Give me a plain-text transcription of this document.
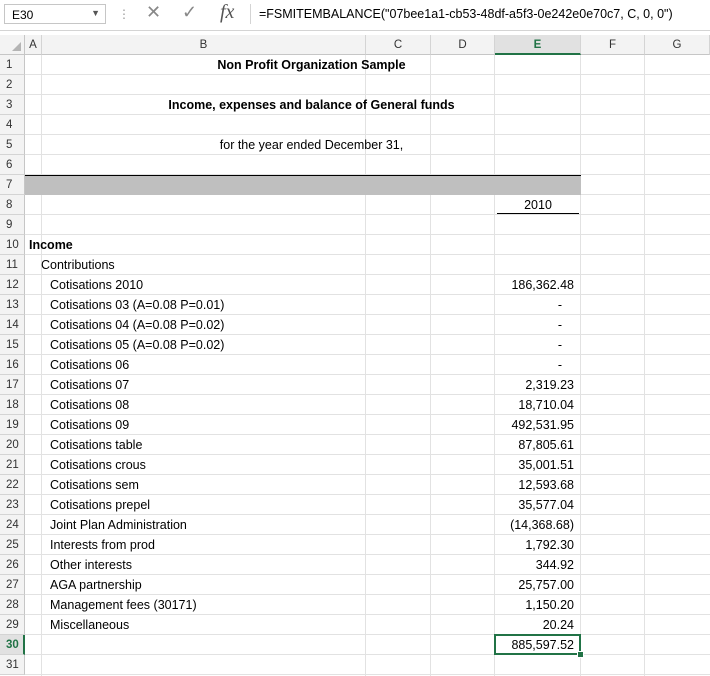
E30	▼ ⋮ ✕ ✓ fx =FSMITEMBALANCE("07bee1a1-cb53-48df-a5f3-0e242e0e70c7, C, 0, 0")
A	B	C	D	E	F	G
1
2
3
4
5
6
7
8
9
10
11
12
13
14
15
16
17
18
19
20
21
22
23
24
25
26
27
28
29
30
31
Non Profit Organization Sample
Income, expenses and balance of General funds
for the year ended December 31,
2010
Income
Contributions
Cotisations 2010	186,362.48
Cotisations 03 (A=0.08 P=0.01)	-
Cotisations 04 (A=0.08 P=0.02)	-
Cotisations 05 (A=0.08 P=0.02)	-
Cotisations 06	-
Cotisations 07	2,319.23
Cotisations 08	18,710.04
Cotisations 09	492,531.95
Cotisations table	87,805.61
Cotisations crous	35,001.51
Cotisations sem	12,593.68
Cotisations prepel	35,577.04
Joint Plan Administration	(14,368.68)
Interests from prod	1,792.30
Other interests	344.92
AGA partnership	25,757.00
Management fees (30171)	1,150.20
Miscellaneous	20.24
885,597.52
